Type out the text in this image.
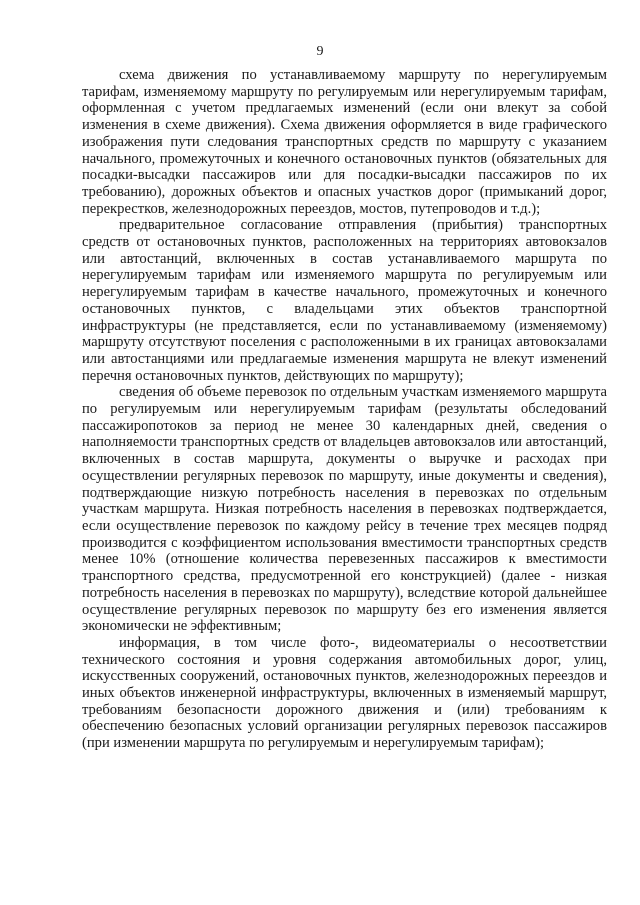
9

схема движения по устанавливаемому маршруту по нерегулируемым тарифам, изменяемому маршруту по регулируемым или нерегулируемым тарифам, оформленная с учетом предлагаемых изменений (если они влекут за собой изменения в схеме движения). Схема движения оформляется в виде графического изображения пути следования транспортных средств по маршруту с указанием начального, промежуточных и конечного остановочных пунктов (обязательных для посадки-высадки пассажиров или для посадки-высадки пассажиров по их требованию), дорожных объектов и опасных участков дорог (примыканий дорог, перекрестков, железнодорожных переездов, мостов, путепроводов и т.д.);

предварительное согласование отправления (прибытия) транспортных средств от остановочных пунктов, расположенных на территориях автовокзалов или автостанций, включенных в состав устанавливаемого маршрута по нерегулируемым тарифам или изменяемого маршрута по регулируемым или нерегулируемым тарифам в качестве начального, промежуточных и конечного остановочных пунктов, с владельцами этих объектов транспортной инфраструктуры (не представляется, если по устанавливаемому (изменяемому) маршруту отсутствуют поселения с расположенными в их границах автовокзалами или автостанциями или предлагаемые изменения маршрута не влекут изменений перечня остановочных пунктов, действующих по маршруту);

сведения об объеме перевозок по отдельным участкам изменяемого маршрута по регулируемым или нерегулируемым тарифам (результаты обследований пассажиропотоков за период не менее 30 календарных дней, сведения о наполняемости транспортных средств от владельцев автовокзалов или автостанций, включенных в состав маршрута, документы о выручке и расходах при осуществлении регулярных перевозок по маршруту, иные документы и сведения), подтверждающие низкую потребность населения в перевозках по отдельным участкам маршрута. Низкая потребность населения в перевозках подтверждается, если осуществление перевозок по каждому рейсу в течение трех месяцев подряд производится с коэффициентом использования вместимости транспортных средств менее 10% (отношение количества перевезенных пассажиров к вместимости транспортного средства, предусмотренной его конструкцией) (далее - низкая потребность населения в перевозках по маршруту), вследствие которой дальнейшее осуществление регулярных перевозок по маршруту без его изменения является экономически не эффективным;

информация, в том числе фото-, видеоматериалы о несоответствии технического состояния и уровня содержания автомобильных дорог, улиц, искусственных сооружений, остановочных пунктов, железнодорожных переездов и иных объектов инженерной инфраструктуры, включенных в изменяемый маршрут, требованиям безопасности дорожного движения и (или) требованиям к обеспечению безопасных условий организации регулярных перевозок пассажиров (при изменении маршрута по регулируемым и нерегулируемым тарифам);
